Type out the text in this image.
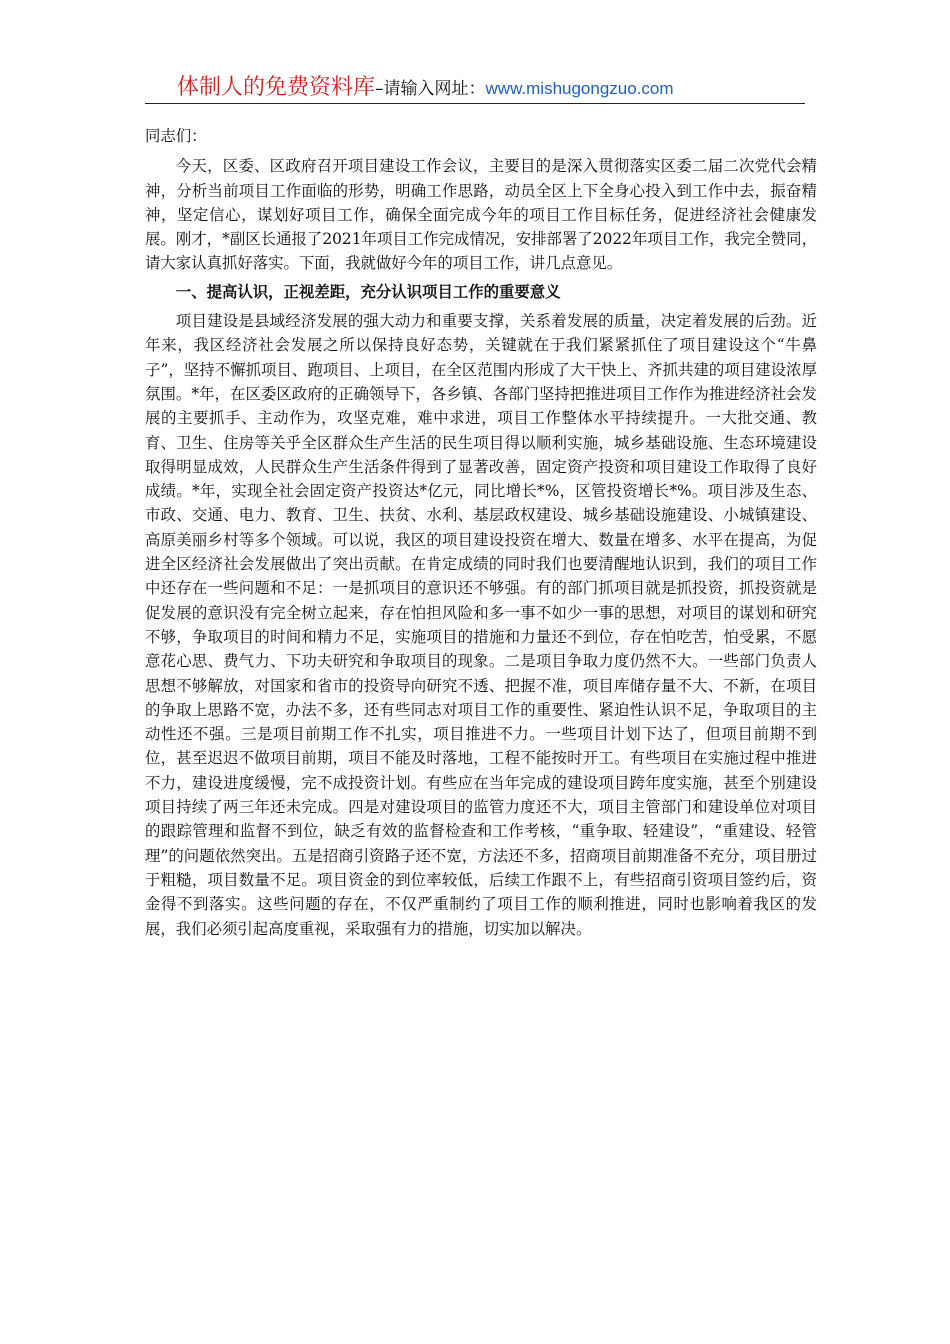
体制人的免费资料库–请输入网址：www.mishugongzuo.com

同志们：

今天，区委、区政府召开项目建设工作会议，主要目的是深入贯彻落实区委二届二次党代会精神，分析当前项目工作面临的形势，明确工作思路，动员全区上下全身心投入到工作中去，振奋精神，坚定信心，谋划好项目工作，确保全面完成今年的项目工作目标任务，促进经济社会健康发展。刚才，*副区长通报了2021年项目工作完成情况，安排部署了2022年项目工作，我完全赞同，请大家认真抓好落实。下面，我就做好今年的项目工作，讲几点意见。

一、提高认识，正视差距，充分认识项目工作的重要意义

项目建设是县域经济发展的强大动力和重要支撑，关系着发展的质量，决定着发展的后劲。近年来，我区经济社会发展之所以保持良好态势，关键就在于我们紧紧抓住了项目建设这个“牛鼻子”，坚持不懈抓项目、跑项目、上项目，在全区范围内形成了大干快上、齐抓共建的项目建设浓厚氛围。*年，在区委区政府的正确领导下，各乡镇、各部门坚持把推进项目工作作为推进经济社会发展的主要抓手、主动作为，攻坚克难，难中求进，项目工作整体水平持续提升。一大批交通、教育、卫生、住房等关乎全区群众生产生活的民生项目得以顺利实施，城乡基础设施、生态环境建设取得明显成效，人民群众生产生活条件得到了显著改善，固定资产投资和项目建设工作取得了良好成绩。*年，实现全社会固定资产投资达*亿元，同比增长*%，区管投资增长*%。项目涉及生态、市政、交通、电力、教育、卫生、扶贫、水利、基层政权建设、城乡基础设施建设、小城镇建设、高原美丽乡村等多个领域。可以说，我区的项目建设投资在增大、数量在增多、水平在提高，为促进全区经济社会发展做出了突出贡献。在肯定成绩的同时我们也要清醒地认识到，我们的项目工作中还存在一些问题和不足：一是抓项目的意识还不够强。有的部门抓项目就是抓投资，抓投资就是促发展的意识没有完全树立起来，存在怕担风险和多一事不如少一事的思想，对项目的谋划和研究不够，争取项目的时间和精力不足，实施项目的措施和力量还不到位，存在怕吃苦，怕受累，不愿意花心思、费气力、下功夫研究和争取项目的现象。二是项目争取力度仍然不大。一些部门负责人思想不够解放，对国家和省市的投资导向研究不透、把握不准，项目库储存量不大、不新，在项目的争取上思路不宽，办法不多，还有些同志对项目工作的重要性、紧迫性认识不足，争取项目的主动性还不强。三是项目前期工作不扎实，项目推进不力。一些项目计划下达了，但项目前期不到位，甚至迟迟不做项目前期，项目不能及时落地，工程不能按时开工。有些项目在实施过程中推进不力，建设进度缓慢，完不成投资计划。有些应在当年完成的建设项目跨年度实施，甚至个别建设项目持续了两三年还未完成。四是对建设项目的监管力度还不大，项目主管部门和建设单位对项目的跟踪管理和监督不到位，缺乏有效的监督检查和工作考核，“重争取、轻建设”，“重建设、轻管理”的问题依然突出。五是招商引资路子还不宽，方法还不多，招商项目前期准备不充分，项目册过于粗糙，项目数量不足。项目资金的到位率较低，后续工作跟不上，有些招商引资项目签约后，资金得不到落实。这些问题的存在，不仅严重制约了项目工作的顺利推进，同时也影响着我区的发展，我们必须引起高度重视，采取强有力的措施，切实加以解决。
